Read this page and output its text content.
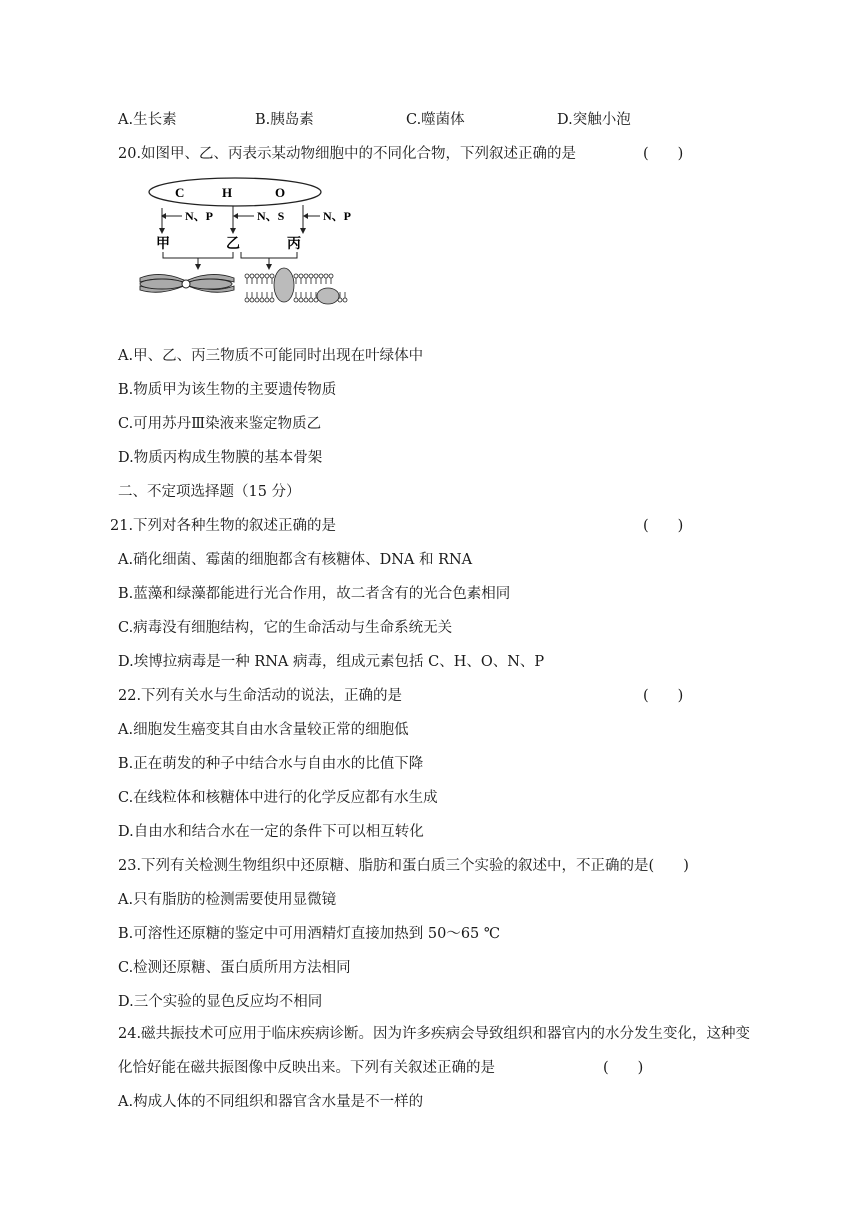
A.生长素	B.胰岛素	C.噬菌体	D.突触小泡
20.如图甲、乙、丙表示某动物细胞中的不同化合物，下列叙述正确的是	(　　)
C	H	O
N、P	N、S	N、P
甲	乙	丙
A.甲、乙、丙三物质不可能同时出现在叶绿体中
B.物质甲为该生物的主要遗传物质
C.可用苏丹Ⅲ染液来鉴定物质乙
D.物质丙构成生物膜的基本骨架
二、不定项选择题（15 分）
21.下列对各种生物的叙述正确的是	(　　)
A.硝化细菌、霉菌的细胞都含有核糖体、DNA 和 RNA
B.蓝藻和绿藻都能进行光合作用，故二者含有的光合色素相同
C.病毒没有细胞结构，它的生命活动与生命系统无关
D.埃博拉病毒是一种 RNA 病毒，组成元素包括 C、H、O、N、P
22.下列有关水与生命活动的说法，正确的是	(　　)
A.细胞发生癌变其自由水含量较正常的细胞低
B.正在萌发的种子中结合水与自由水的比值下降
C.在线粒体和核糖体中进行的化学反应都有水生成
D.自由水和结合水在一定的条件下可以相互转化
23.下列有关检测生物组织中还原糖、脂肪和蛋白质三个实验的叙述中，不正确的是(　　)
A.只有脂肪的检测需要使用显微镜
B.可溶性还原糖的鉴定中可用酒精灯直接加热到 50～65 ℃
C.检测还原糖、蛋白质所用方法相同
D.三个实验的显色反应均不相同
24.磁共振技术可应用于临床疾病诊断。因为许多疾病会导致组织和器官内的水分发生变化，这种变
化恰好能在磁共振图像中反映出来。下列有关叙述正确的是	(　　)
A.构成人体的不同组织和器官含水量是不一样的
